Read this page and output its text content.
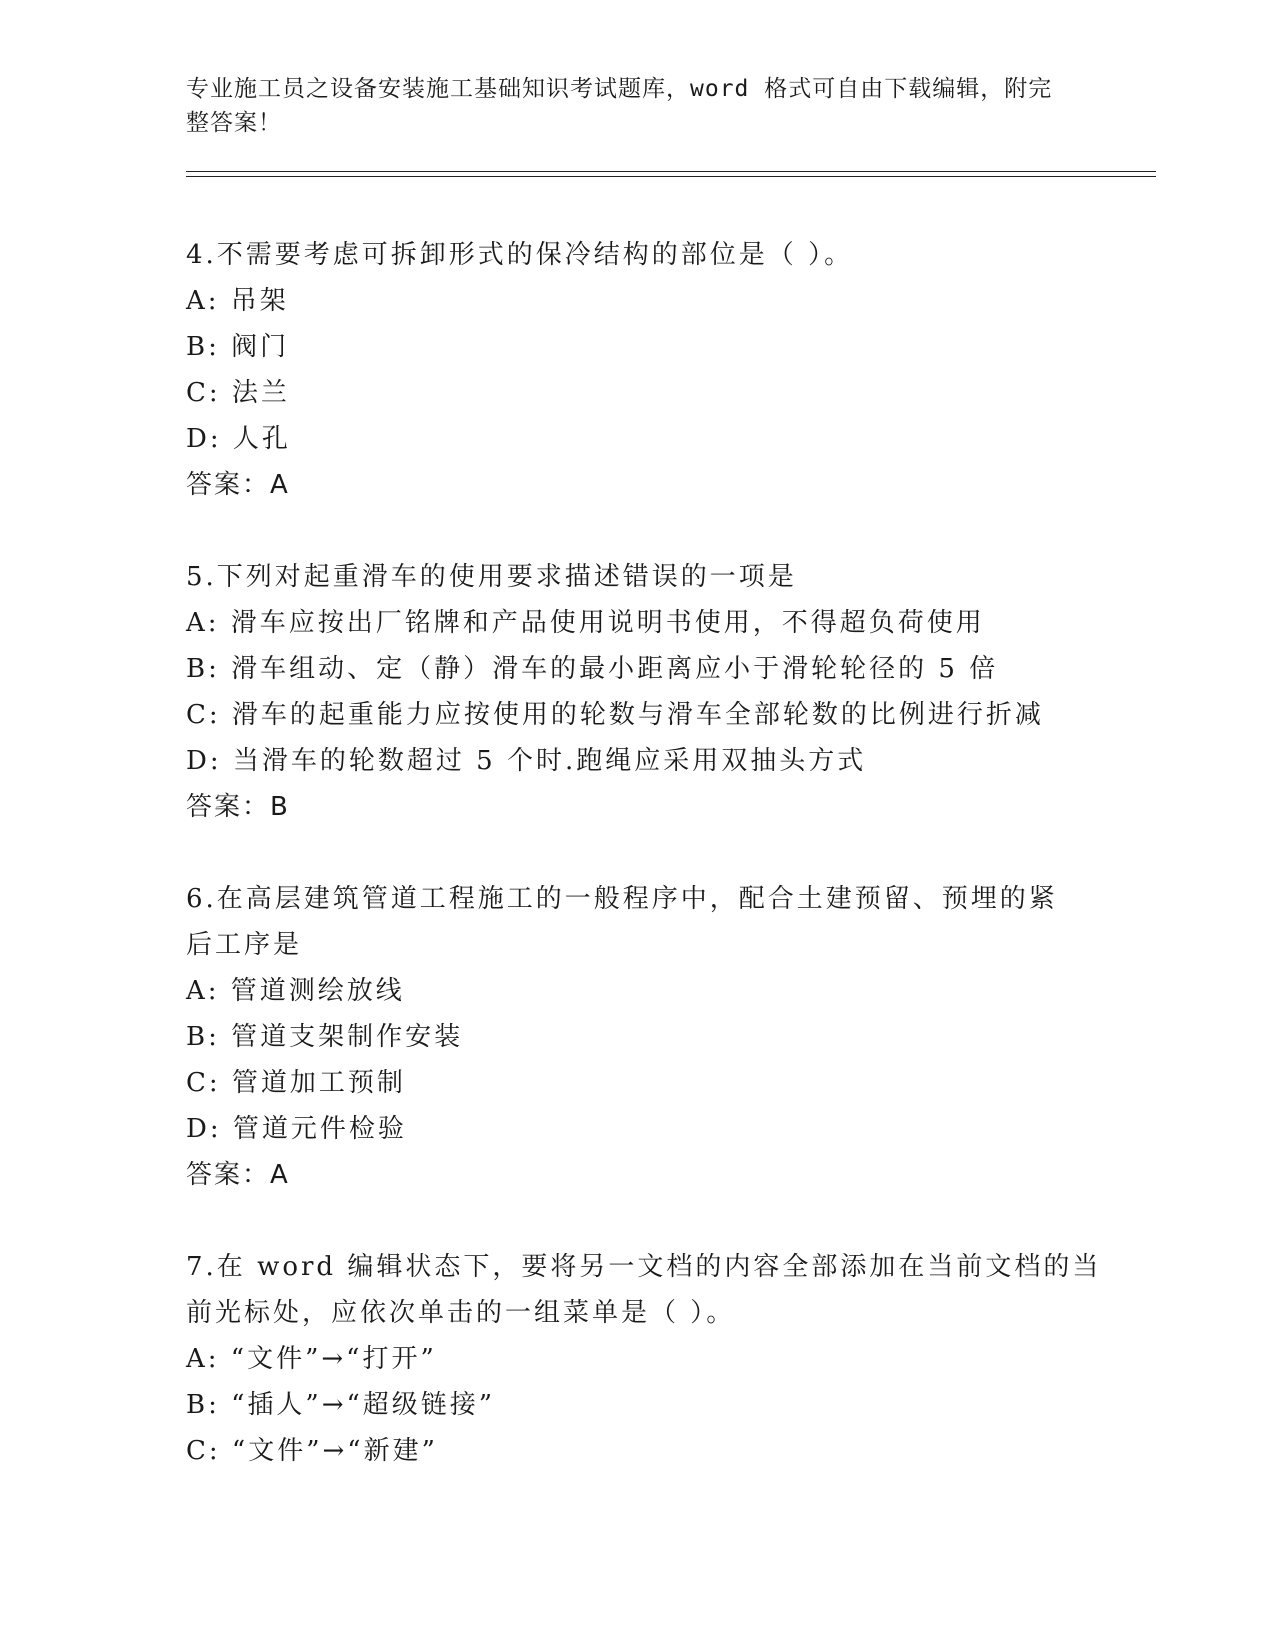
专业施工员之设备安装施工基础知识考试题库，word 格式可自由下载编辑，附完
整答案！
4.不需要考虑可拆卸形式的保冷结构的部位是（ ）。
A: 吊架
B: 阀门
C: 法兰
D: 人孔
答案：A
5.下列对起重滑车的使用要求描述错误的一项是
A: 滑车应按出厂铭牌和产品使用说明书使用，不得超负荷使用
B: 滑车组动、定（静）滑车的最小距离应小于滑轮轮径的 5 倍
C: 滑车的起重能力应按使用的轮数与滑车全部轮数的比例进行折减
D: 当滑车的轮数超过 5 个时.跑绳应采用双抽头方式
答案：B
6.在高层建筑管道工程施工的一般程序中，配合土建预留、预埋的紧
后工序是
A: 管道测绘放线
B: 管道支架制作安装
C: 管道加工预制
D: 管道元件检验
答案：A
7.在 word 编辑状态下，要将另一文档的内容全部添加在当前文档的当
前光标处，应依次单击的一组菜单是（ ）。
A: “文件”→“打开”
B: “插人”→“超级链接”
C: “文件”→“新建”
